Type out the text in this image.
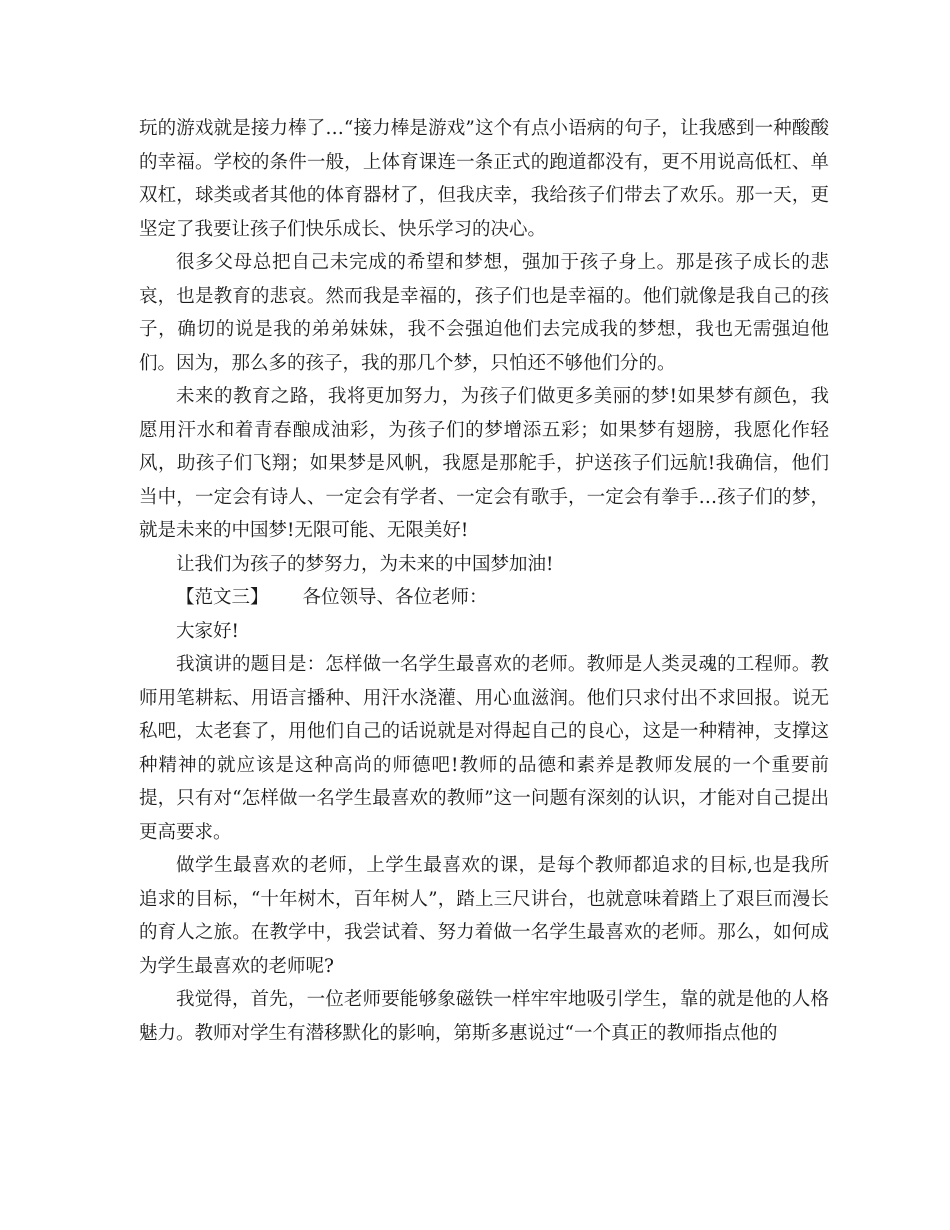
玩的游戏就是接力棒了…“接力棒是游戏”这个有点小语病的句子，让我感到一种酸酸的幸福。学校的条件一般，上体育课连一条正式的跑道都没有，更不用说高低杠、单双杠，球类或者其他的体育器材了，但我庆幸，我给孩子们带去了欢乐。那一天，更坚定了我要让孩子们快乐成长、快乐学习的决心。

很多父母总把自己未完成的希望和梦想，强加于孩子身上。那是孩子成长的悲哀，也是教育的悲哀。然而我是幸福的，孩子们也是幸福的。他们就像是我自己的孩子，确切的说是我的弟弟妹妹，我不会强迫他们去完成我的梦想，我也无需强迫他们。因为，那么多的孩子，我的那几个梦，只怕还不够他们分的。

未来的教育之路，我将更加努力，为孩子们做更多美丽的梦!如果梦有颜色，我愿用汗水和着青春酿成油彩，为孩子们的梦增添五彩；如果梦有翅膀，我愿化作轻风，助孩子们飞翔；如果梦是风帆，我愿是那舵手，护送孩子们远航!我确信，他们当中，一定会有诗人、一定会有学者、一定会有歌手，一定会有拳手…孩子们的梦，就是未来的中国梦!无限可能、无限美好!

让我们为孩子的梦努力，为未来的中国梦加油!

【范文三】 各位领导、各位老师：

大家好!

我演讲的题目是：怎样做一名学生最喜欢的老师。教师是人类灵魂的工程师。教师用笔耕耘、用语言播种、用汗水浇灌、用心血滋润。他们只求付出不求回报。说无私吧，太老套了，用他们自己的话说就是对得起自己的良心，这是一种精神，支撑这种精神的就应该是这种高尚的师德吧!教师的品德和素养是教师发展的一个重要前提，只有对“怎样做一名学生最喜欢的教师”这一问题有深刻的认识，才能对自己提出更高要求。

做学生最喜欢的老师，上学生最喜欢的课，是每个教师都追求的目标,也是我所追求的目标，“十年树木，百年树人”，踏上三尺讲台，也就意味着踏上了艰巨而漫长的育人之旅。在教学中，我尝试着、努力着做一名学生最喜欢的老师。那么，如何成为学生最喜欢的老师呢?

我觉得，首先，一位老师要能够象磁铁一样牢牢地吸引学生，靠的就是他的人格魅力。教师对学生有潜移默化的影响，第斯多惠说过“一个真正的教师指点他的
